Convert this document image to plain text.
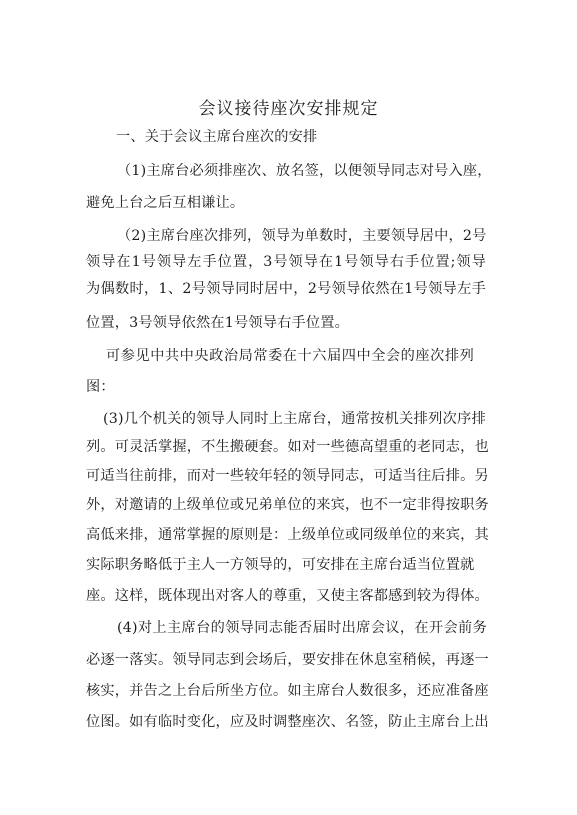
会议接待座次安排规定
一、关于会议主席台座次的安排
（1)主席台必须排座次、放名签，以便领导同志对号入座，
避免上台之后互相谦让。
（2)主席台座次排列，领导为单数时，主要领导居中，2号
领导在1号领导左手位置，3号领导在1号领导右手位置;领导
为偶数时，1、2号领导同时居中，2号领导依然在1号领导左手
位置，3号领导依然在1号领导右手位置。
可参见中共中央政治局常委在十六届四中全会的座次排列
图：
(3)几个机关的领导人同时上主席台，通常按机关排列次序排
列。可灵活掌握，不生搬硬套。如对一些德高望重的老同志，也
可适当往前排，而对一些较年轻的领导同志，可适当往后排。另
外，对邀请的上级单位或兄弟单位的来宾，也不一定非得按职务
高低来排，通常掌握的原则是：上级单位或同级单位的来宾，其
实际职务略低于主人一方领导的，可安排在主席台适当位置就
座。这样，既体现出对客人的尊重，又使主客都感到较为得体。
(4)对上主席台的领导同志能否届时出席会议，在开会前务
必逐一落实。领导同志到会场后，要安排在休息室稍候，再逐一
核实，并告之上台后所坐方位。如主席台人数很多，还应准备座
位图。如有临时变化，应及时调整座次、名签，防止主席台上出
